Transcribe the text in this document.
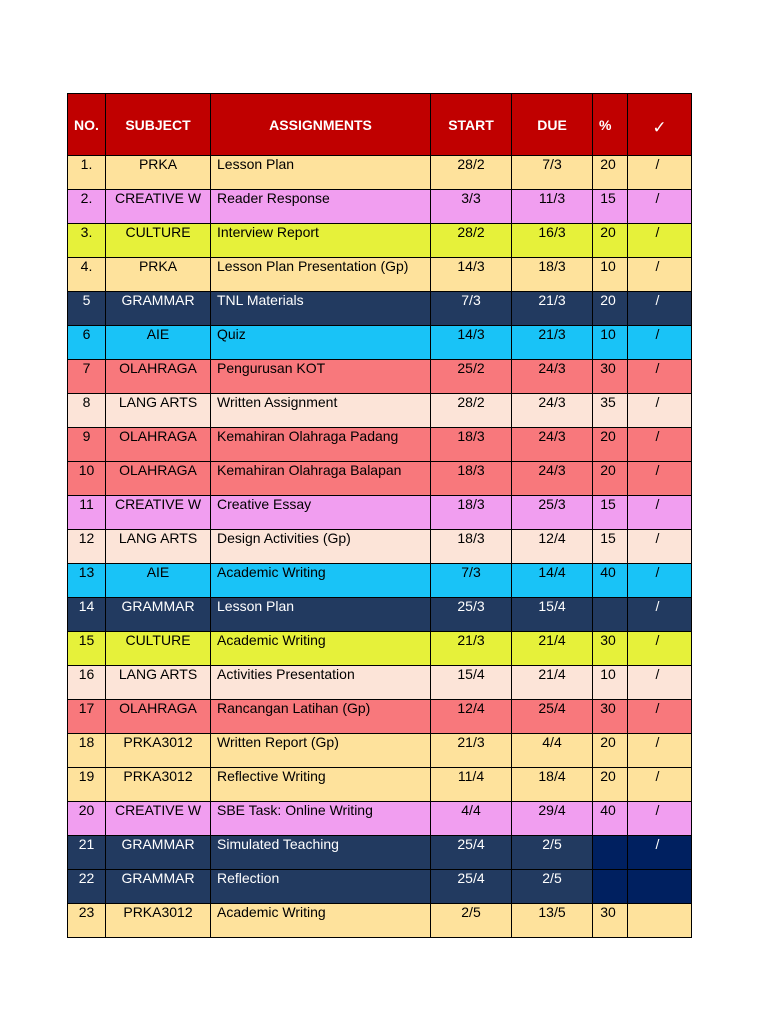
NO.	SUBJECT	ASSIGNMENTS	START	DUE	%	✓
1.	PRKA	Lesson Plan	28/2	7/3	20	/
2.	CREATIVE W	Reader Response	3/3	11/3	15	/
3.	CULTURE	Interview Report	28/2	16/3	20	/
4.	PRKA	Lesson Plan Presentation (Gp)	14/3	18/3	10	/
5	GRAMMAR	TNL Materials	7/3	21/3	20	/
6	AIE	Quiz	14/3	21/3	10	/
7	OLAHRAGA	Pengurusan KOT	25/2	24/3	30	/
8	LANG ARTS	Written Assignment	28/2	24/3	35	/
9	OLAHRAGA	Kemahiran Olahraga Padang	18/3	24/3	20	/
10	OLAHRAGA	Kemahiran Olahraga Balapan	18/3	24/3	20	/
11	CREATIVE W	Creative Essay	18/3	25/3	15	/
12	LANG ARTS	Design Activities (Gp)	18/3	12/4	15	/
13	AIE	Academic Writing	7/3	14/4	40	/
14	GRAMMAR	Lesson Plan	25/3	15/4		/
15	CULTURE	Academic Writing	21/3	21/4	30	/
16	LANG ARTS	Activities Presentation	15/4	21/4	10	/
17	OLAHRAGA	Rancangan Latihan (Gp)	12/4	25/4	30	/
18	PRKA3012	Written Report (Gp)	21/3	4/4	20	/
19	PRKA3012	Reflective Writing	11/4	18/4	20	/
20	CREATIVE W	SBE Task: Online Writing	4/4	29/4	40	/
21	GRAMMAR	Simulated Teaching	25/4	2/5		/
22	GRAMMAR	Reflection	25/4	2/5		
23	PRKA3012	Academic Writing	2/5	13/5	30	
